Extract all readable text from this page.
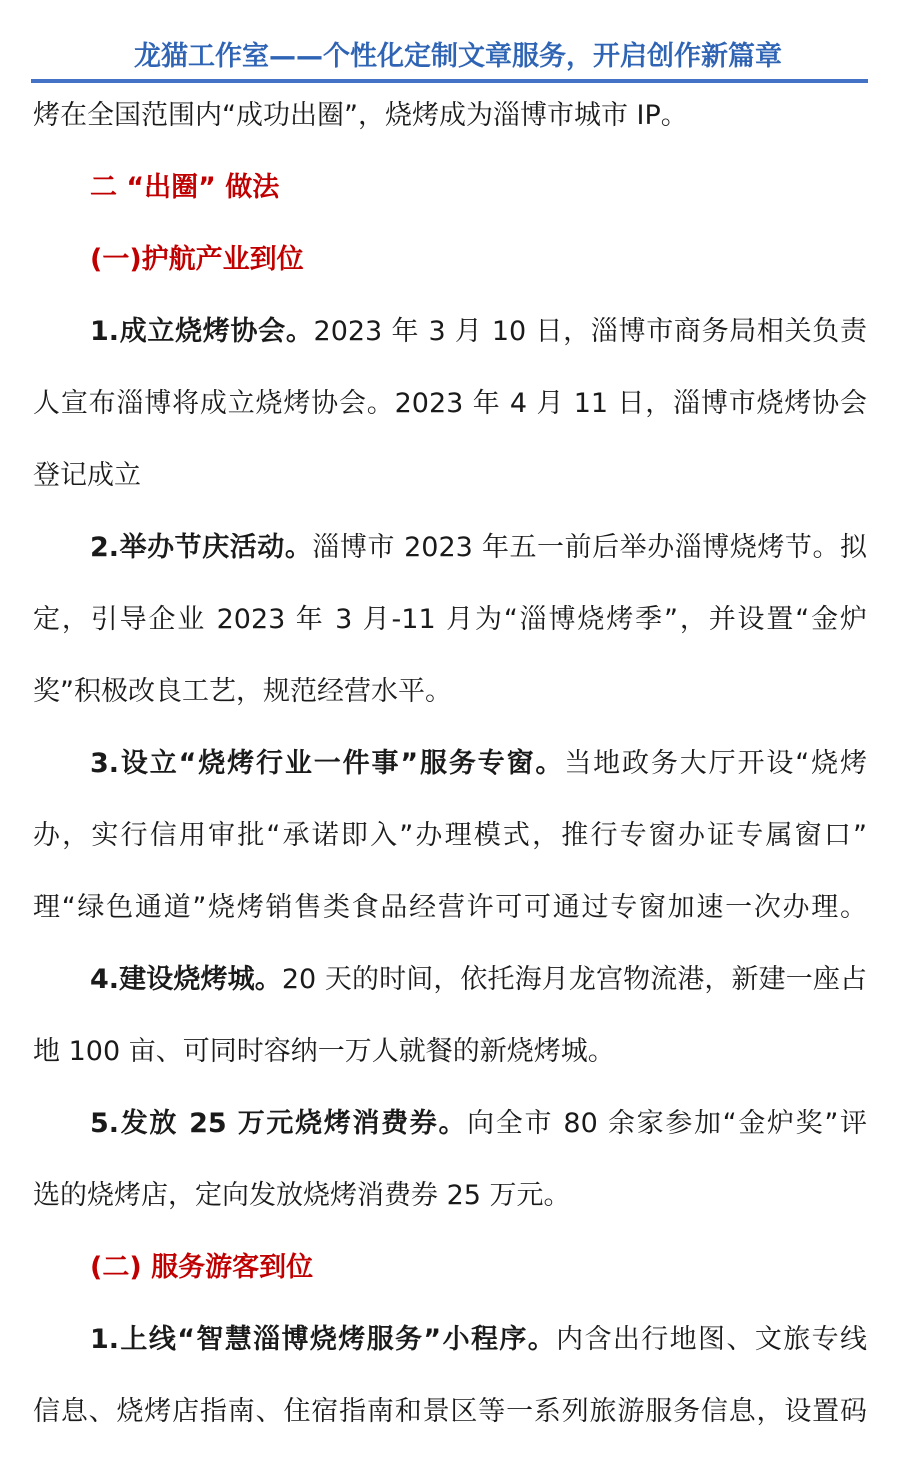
龙猫工作室——个性化定制文章服务，开启创作新篇章
烤在全国范围内“成功出圈”，烧烤成为淄博市城市 IP。
二 “出圈” 做法
(一)护航产业到位
1.成立烧烤协会。2023 年 3 月 10 日，淄博市商务局相关负责
人宣布淄博将成立烧烤协会。2023 年 4 月 11 日，淄博市烧烤协会
登记成立
2.举办节庆活动。淄博市 2023 年五一前后举办淄博烧烤节。拟
定，引导企业 2023 年 3 月-11 月为“淄博烧烤季”，并设置“金炉
奖”积极改良工艺，规范经营水平。
3.设立“烧烤行业一件事”服务专窗。当地政务大厅开设“烧烤
办，实行信用审批“承诺即入”办理模式，推行专窗办证专属窗口”
理“绿色通道”烧烤销售类食品经营许可可通过专窗加速一次办理。
4.建设烧烤城。20 天的时间，依托海月龙宫物流港，新建一座占
地 100 亩、可同时容纳一万人就餐的新烧烤城。
5.发放 25 万元烧烤消费券。向全市 80 余家参加“金炉奖”评
选的烧烤店，定向发放烧烤消费券 25 万元。
(二) 服务游客到位
1.上线“智慧淄博烧烤服务”小程序。内含出行地图、文旅专线
信息、烧烤店指南、住宿指南和景区等一系列旅游服务信息，设置码
